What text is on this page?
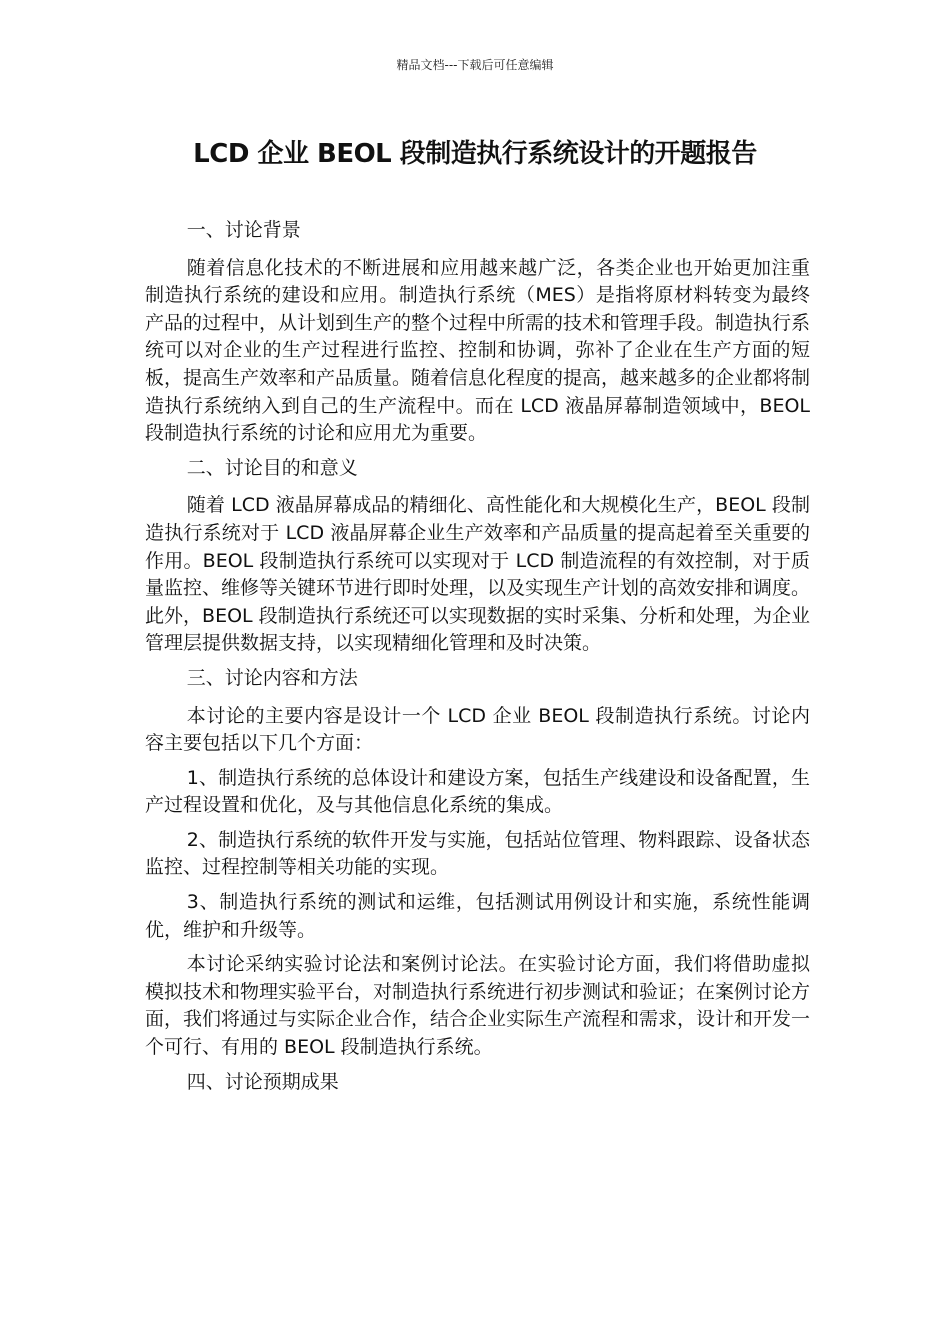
精品文档---下载后可任意编辑
LCD 企业 BEOL 段制造执行系统设计的开题报告

一、讨论背景

随着信息化技术的不断进展和应用越来越广泛，各类企业也开始更加注重制造执行系统的建设和应用。制造执行系统（MES）是指将原材料转变为最终产品的过程中，从计划到生产的整个过程中所需的技术和管理手段。制造执行系统可以对企业的生产过程进行监控、控制和协调，弥补了企业在生产方面的短板，提高生产效率和产品质量。随着信息化程度的提高，越来越多的企业都将制造执行系统纳入到自己的生产流程中。而在 LCD 液晶屏幕制造领域中，BEOL 段制造执行系统的讨论和应用尤为重要。

二、讨论目的和意义

随着 LCD 液晶屏幕成品的精细化、高性能化和大规模化生产，BEOL 段制造执行系统对于 LCD 液晶屏幕企业生产效率和产品质量的提高起着至关重要的作用。BEOL 段制造执行系统可以实现对于 LCD 制造流程的有效控制，对于质量监控、维修等关键环节进行即时处理，以及实现生产计划的高效安排和调度。此外，BEOL 段制造执行系统还可以实现数据的实时采集、分析和处理，为企业管理层提供数据支持，以实现精细化管理和及时决策。

三、讨论内容和方法

本讨论的主要内容是设计一个 LCD 企业 BEOL 段制造执行系统。讨论内容主要包括以下几个方面：

1、制造执行系统的总体设计和建设方案，包括生产线建设和设备配置，生产过程设置和优化，及与其他信息化系统的集成。

2、制造执行系统的软件开发与实施，包括站位管理、物料跟踪、设备状态监控、过程控制等相关功能的实现。

3、制造执行系统的测试和运维，包括测试用例设计和实施，系统性能调优，维护和升级等。

本讨论采纳实验讨论法和案例讨论法。在实验讨论方面，我们将借助虚拟模拟技术和物理实验平台，对制造执行系统进行初步测试和验证；在案例讨论方面，我们将通过与实际企业合作，结合企业实际生产流程和需求，设计和开发一个可行、有用的 BEOL 段制造执行系统。

四、讨论预期成果
